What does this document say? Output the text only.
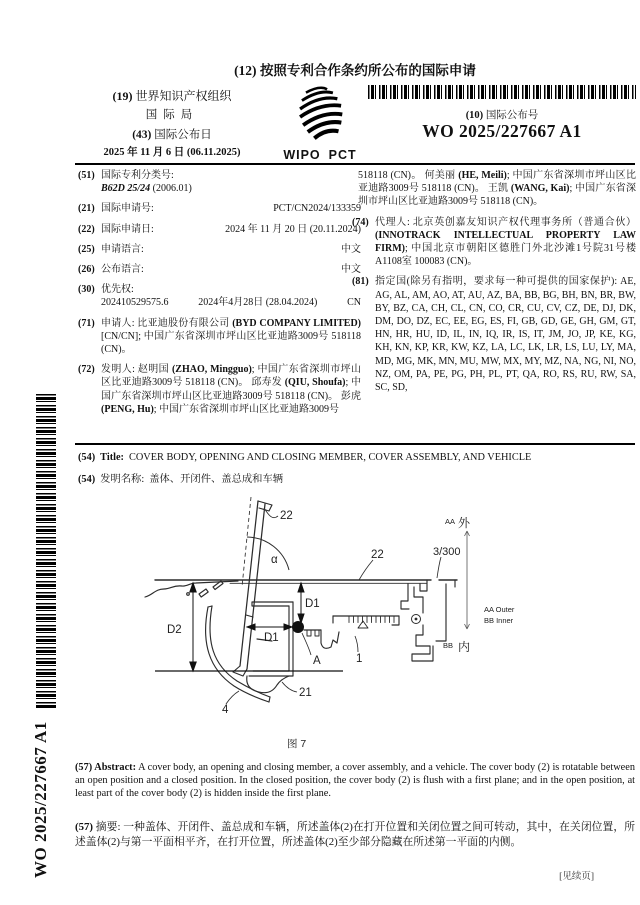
WO 2025/227667 A1
(12) 按照专利合作条约所公布的国际申请
(19) 世界知识产权组织
国际局
(43) 国际公布日
2025 年 11 月 6 日 (06.11.2025)	WIPO PCT
(10) 国际公布号
WO 2025/227667 A1
(51) 国际专利分类号:
B62D 25/24 (2006.01)
(21) 国际申请号:	PCT/CN2024/133359
(22) 国际申请日:	2024 年 11 月 20 日 (20.11.2024)
(25) 申请语言:	中文
(26) 公布语言:	中文
(30) 优先权:
202410529575.6	2024年4月28日 (28.04.2024)	CN
(71) 申请人: 比亚迪股份有限公司 (BYD COMPANY LIMITED) [CN/CN]; 中国广东省深圳市坪山区比亚迪路3009号 518118 (CN)。
(72) 发明人: 赵明国 (ZHAO, Mingguo); 中国广东省深圳市坪山区比亚迪路3009号 518118 (CN)。 邱寿发 (QIU, Shoufa); 中国广东省深圳市坪山区比亚迪路3009号 518118 (CN)。 彭虎 (PENG, Hu); 中国广东省深圳市坪山区比亚迪路3009号
518118 (CN)。 何美丽 (HE, Meili); 中国广东省深圳市坪山区比亚迪路3009号 518118 (CN)。 王凯 (WANG, Kai); 中国广东省深圳市坪山区比亚迪路3009号 518118 (CN)。
(74) 代理人: 北京英创嘉友知识产权代理事务所（普通合伙） (INNOTRACK INTELLECTUAL PROPERTY LAW FIRM); 中国北京市朝阳区德胜门外北沙滩1号院31号楼A1108室 100083 (CN)。
(81) 指定国(除另有指明，要求每一种可提供的国家保护): AE, AG, AL, AM, AO, AT, AU, AZ, BA, BB, BG, BH, BN, BR, BW, BY, BZ, CA, CH, CL, CN, CO, CR, CU, CV, CZ, DE, DJ, DK, DM, DO, DZ, EC, EE, EG, ES, FI, GB, GD, GE, GH, GM, GT, HN, HR, HU, ID, IL, IN, IQ, IR, IS, IT, JM, JO, JP, KE, KG, KH, KN, KP, KR, KW, KZ, LA, LC, LK, LR, LS, LU, LY, MA, MD, MG, MK, MN, MU, MW, MX, MY, MZ, NA, NG, NI, NO, NZ, OM, PA, PE, PG, PH, PL, PT, QA, RO, RS, RU, RW, SA, SC, SD,
(54) Title: COVER BODY, OPENING AND CLOSING MEMBER, COVER ASSEMBLY, AND VEHICLE
(54) 发明名称: 盖体、开闭件、盖总成和车辆
22
α	22	3/300
D1
D1
D2
A	1
21
4
AA 外
BB 内
AA Outer
BB Inner
图 7
(57) Abstract: A cover body, an opening and closing member, a cover assembly, and a vehicle. The cover body (2) is rotatable between an open position and a closed position. In the closed position, the cover body (2) is flush with a first plane; and in the open position, at least part of the cover body (2) is hidden inside the first plane.
(57) 摘要: 一种盖体、开闭件、盖总成和车辆，所述盖体(2)在打开位置和关闭位置之间可转动，其中，在关闭位置，所述盖体(2)与第一平面相平齐，在打开位置，所述盖体(2)至少部分隐藏在所述第一平面的内侧。
[见续页]
